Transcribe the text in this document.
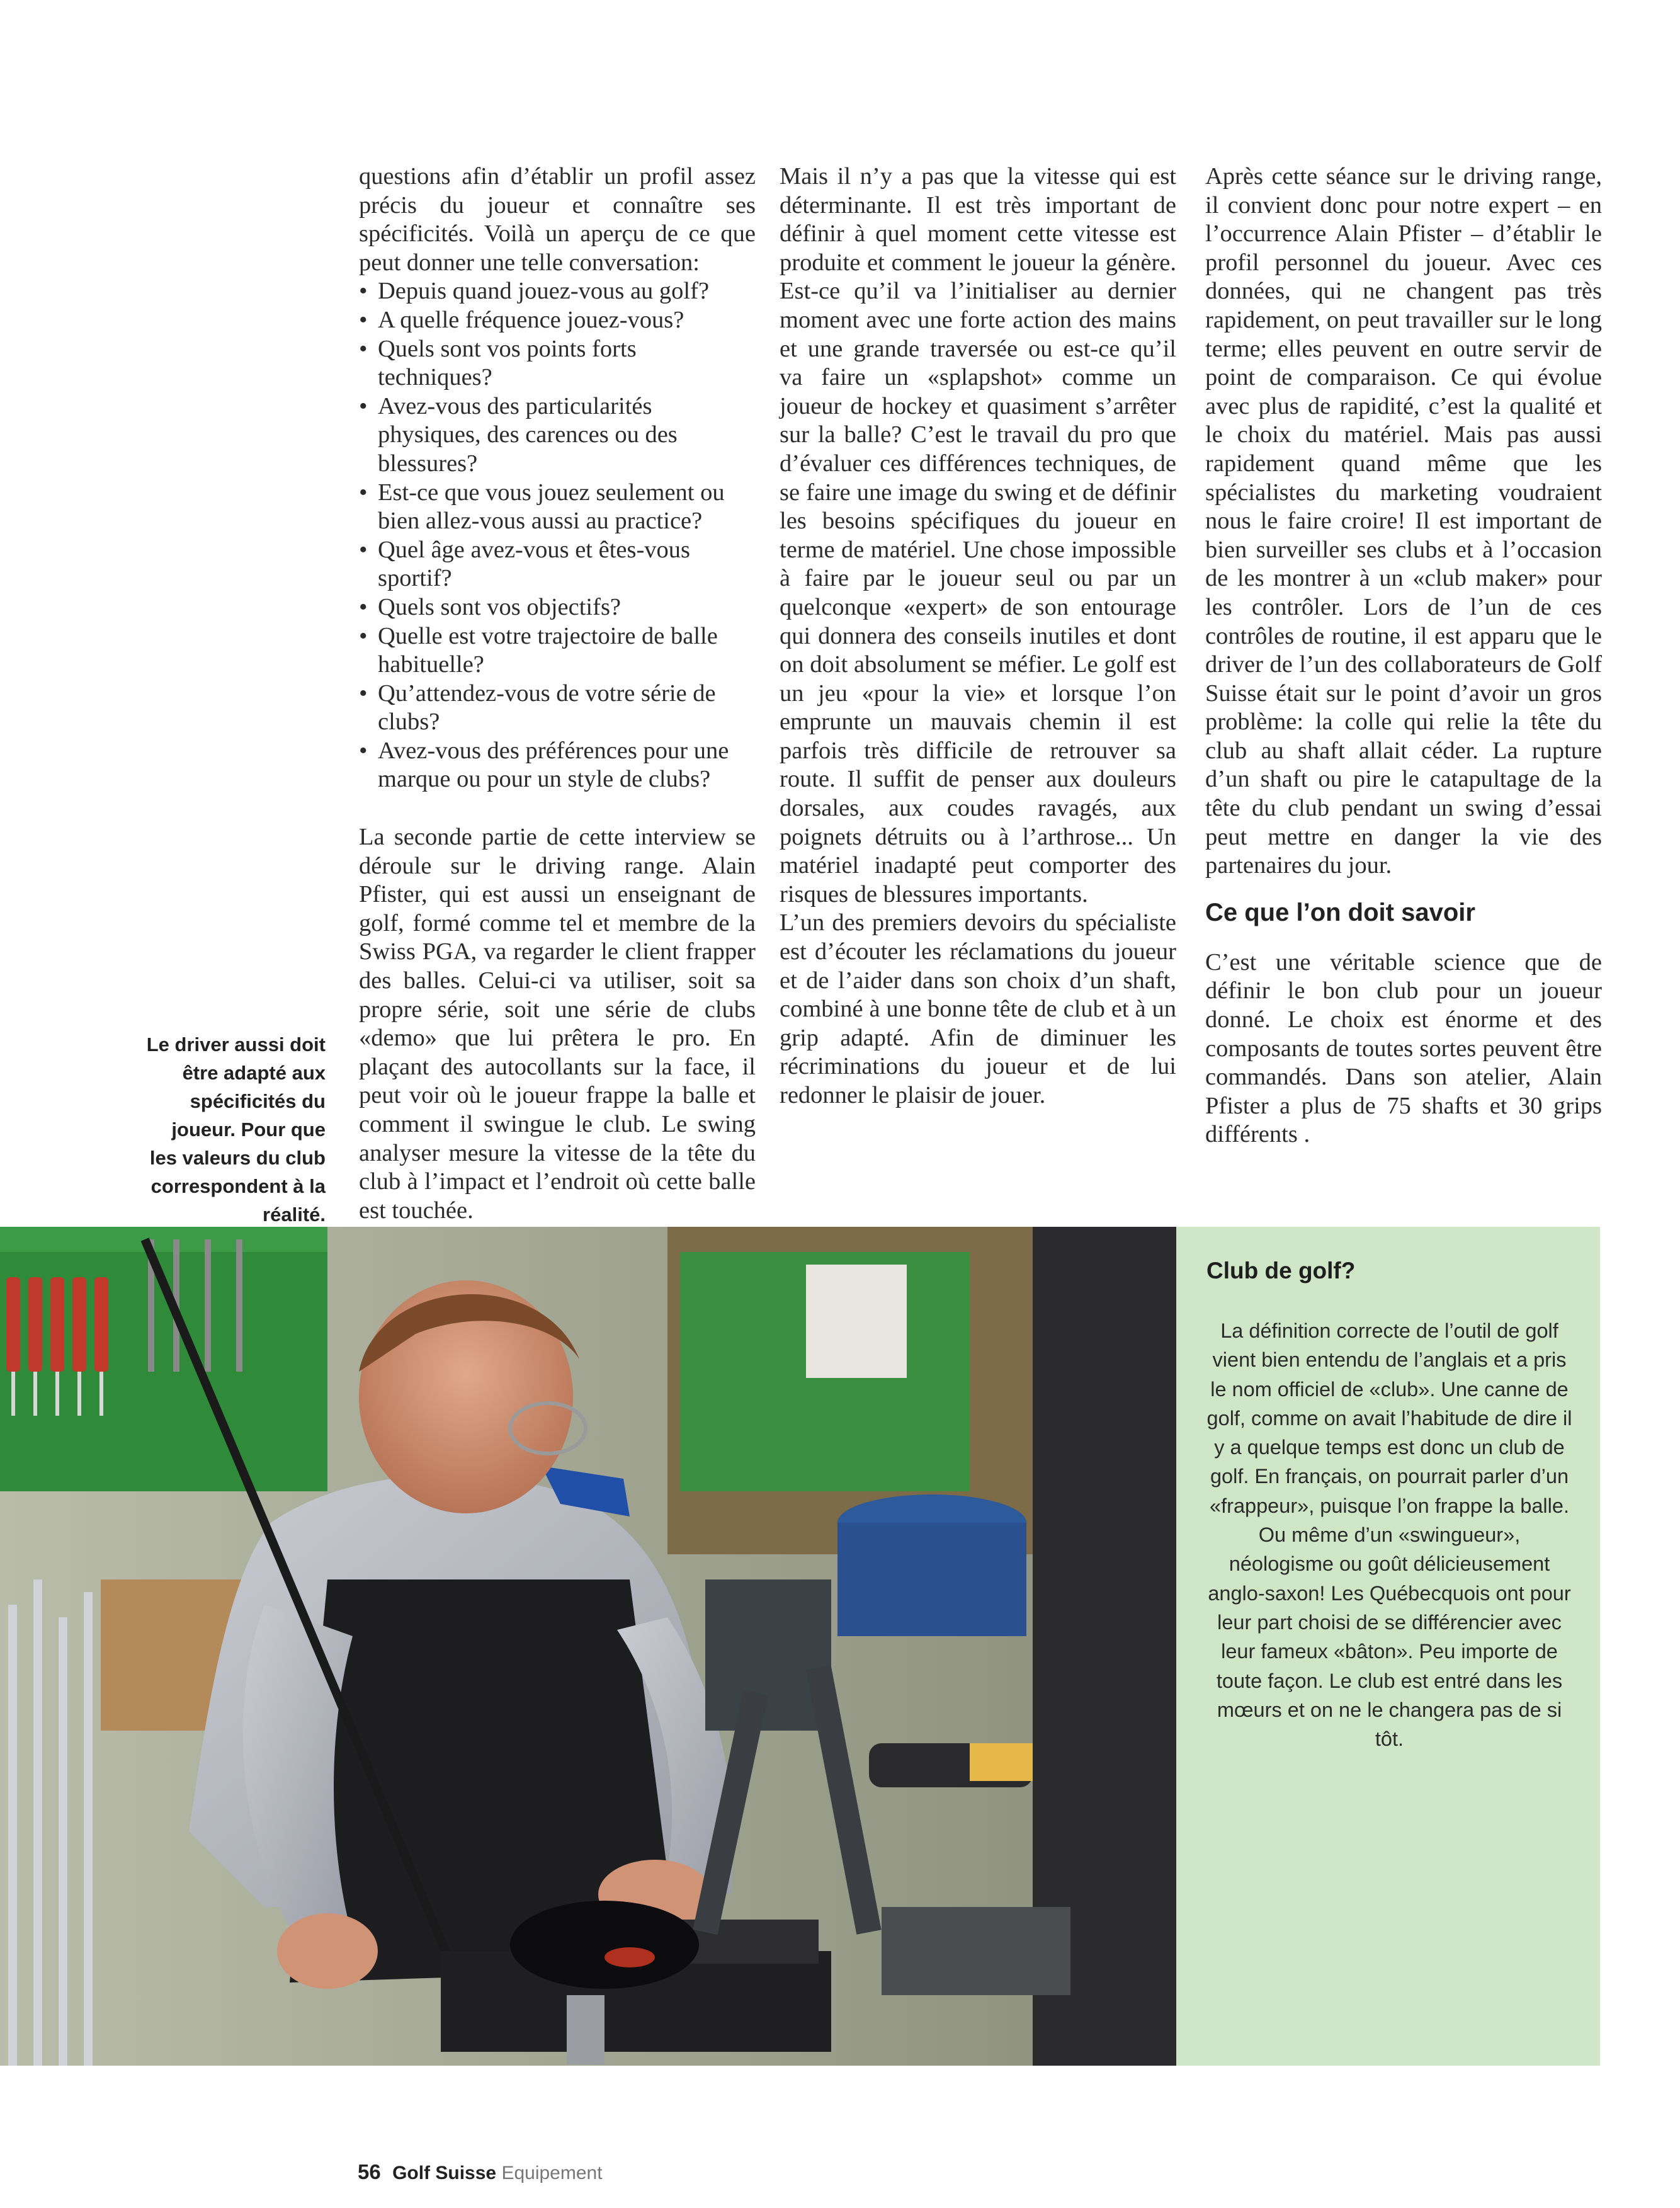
questions afin d’établir un profil assez précis du joueur et connaître ses spécificités. Voilà un aperçu de ce que peut donner une telle conversation:

• Depuis quand jouez-vous au golf?
• A quelle fréquence jouez-vous?
• Quels sont vos points forts techniques?
• Avez-vous des particularités physiques, des carences ou des blessures?
• Est-ce que vous jouez seulement ou bien allez-vous aussi au practice?
• Quel âge avez-vous et êtes-vous sportif?
• Quels sont vos objectifs?
• Quelle est votre trajectoire de balle habituelle?
• Qu’attendez-vous de votre série de clubs?
• Avez-vous des préférences pour une marque ou pour un style de clubs?

La seconde partie de cette interview se déroule sur le driving range. Alain Pfister, qui est aussi un enseignant de golf, formé comme tel et membre de la Swiss PGA, va regarder le client frapper des balles. Celui-ci va utiliser, soit sa propre série, soit une série de clubs «demo» que lui prêtera le pro. En plaçant des autocollants sur la face, il peut voir où le joueur frappe la balle et comment il swingue le club. Le swing analyser mesure la vitesse de la tête du club à l’impact et l’endroit où cette balle est touchée.

Mais il n’y a pas que la vitesse qui est déterminante. Il est très important de définir à quel moment cette vitesse est produite et comment le joueur la génère. Est-ce qu’il va l’initialiser au dernier moment avec une forte action des mains et une grande traversée ou est-ce qu’il va faire un «splapshot» comme un joueur de hockey et quasiment s’arrêter sur la balle? C’est le travail du pro que d’évaluer ces différences techniques, de se faire une image du swing et de définir les besoins spécifiques du joueur en terme de matériel. Une chose impossible à faire par le joueur seul ou par un quelconque «expert» de son entourage qui donnera des conseils inutiles et dont on doit absolument se méfier. Le golf est un jeu «pour la vie» et lorsque l’on emprunte un mauvais chemin il est parfois très difficile de retrouver sa route. Il suffit de penser aux douleurs dorsales, aux coudes ravagés, aux poignets détruits ou à l’arthrose... Un matériel inadapté peut comporter des risques de blessures importants.

L’un des premiers devoirs du spécialiste est d’écouter les réclamations du joueur et de l’aider dans son choix d’un shaft, combiné à une bonne tête de club et à un grip adapté. Afin de diminuer les récriminations du joueur et de lui redonner le plaisir de jouer.

Après cette séance sur le driving range, il convient donc pour notre expert – en l’occurrence Alain Pfister – d’établir le profil personnel du joueur. Avec ces données, qui ne changent pas très rapidement, on peut travailler sur le long terme; elles peuvent en outre servir de point de comparaison. Ce qui évolue avec plus de rapidité, c’est la qualité et le choix du matériel. Mais pas aussi rapidement quand même que les spécialistes du marketing voudraient nous le faire croire! Il est important de bien surveiller ses clubs et à l’occasion de les montrer à un «club maker» pour les contrôler. Lors de l’un de ces contrôles de routine, il est apparu que le driver de l’un des collaborateurs de Golf Suisse était sur le point d’avoir un gros problème: la colle qui relie la tête du club au shaft allait céder. La rupture d’un shaft ou pire le catapultage de la tête du club pendant un swing d’essai peut mettre en danger la vie des partenaires du jour.

Ce que l’on doit savoir

C’est une véritable science que de définir le bon club pour un joueur donné. Le choix est énorme et des composants de toutes sortes peuvent être commandés. Dans son atelier, Alain Pfister a plus de 75 shafts et 30 grips différents .

Le driver aussi doit être adapté aux spécificités du joueur. Pour que les valeurs du club correspondent à la réalité.
Club de golf?
La définition correcte de l’outil de golf vient bien entendu de l’anglais et a pris le nom officiel de «club». Une canne de golf, comme on avait l’habitude de dire il y a quelque temps est donc un club de golf. En français, on pourrait parler d’un «frappeur», puisque l’on frappe la balle. Ou même d’un «swingueur», néologisme ou goût délicieusement anglo-saxon! Les Québecquois ont pour leur part choisi de se différencier avec leur fameux «bâton». Peu importe de toute façon. Le club est entré dans les mœurs et on ne le changera pas de si tôt.
56 Golf Suisse Equipement
